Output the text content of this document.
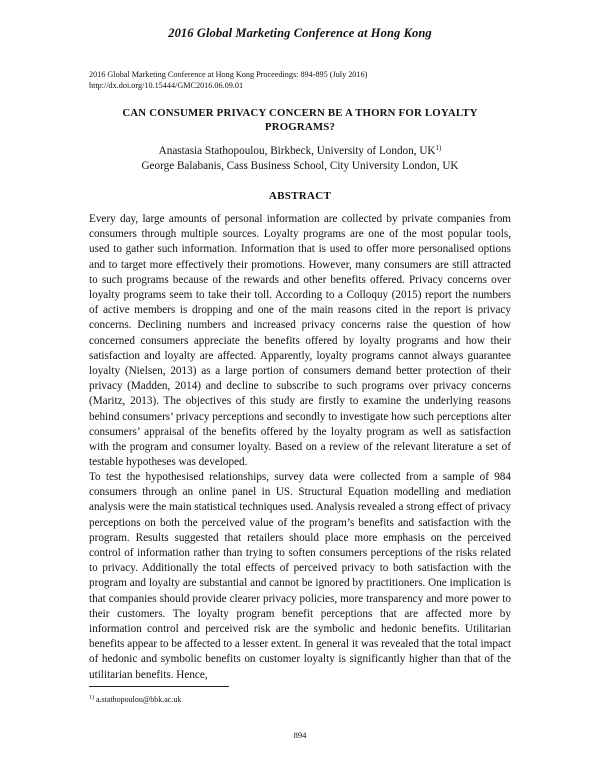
2016 Global Marketing Conference at Hong Kong
2016 Global Marketing Conference at Hong Kong Proceedings: 894-895 (July 2016)
http://dx.doi.org/10.15444/GMC2016.06.09.01
CAN CONSUMER PRIVACY CONCERN BE A THORN FOR LOYALTY PROGRAMS?
Anastasia Stathopoulou, Birkbeck, University of London, UK$^{1)}$
George Balabanis, Cass Business School, City University London, UK
ABSTRACT
Every day, large amounts of personal information are collected by private companies from consumers through multiple sources. Loyalty programs are one of the most popular tools, used to gather such information. Information that is used to offer more personalised options and to target more effectively their promotions. However, many consumers are still attracted to such programs because of the rewards and other benefits offered. Privacy concerns over loyalty programs seem to take their toll. According to a Colloquy (2015) report the numbers of active members is dropping and one of the main reasons cited in the report is privacy concerns. Declining numbers and increased privacy concerns raise the question of how concerned consumers appreciate the benefits offered by loyalty programs and how their satisfaction and loyalty are affected. Apparently, loyalty programs cannot always guarantee loyalty (Nielsen, 2013) as a large portion of consumers demand better protection of their privacy (Madden, 2014) and decline to subscribe to such programs over privacy concerns (Maritz, 2013). The objectives of this study are firstly to examine the underlying reasons behind consumers’ privacy perceptions and secondly to investigate how such perceptions alter consumers’ appraisal of the benefits offered by the loyalty program as well as satisfaction with the program and consumer loyalty. Based on a review of the relevant literature a set of testable hypotheses was developed.
To test the hypothesised relationships, survey data were collected from a sample of 984 consumers through an online panel in US. Structural Equation modelling and mediation analysis were the main statistical techniques used. Analysis revealed a strong effect of privacy perceptions on both the perceived value of the program’s benefits and satisfaction with the program. Results suggested that retailers should place more emphasis on the perceived control of information rather than trying to soften consumers perceptions of the risks related to privacy. Additionally the total effects of perceived privacy to both satisfaction with the program and loyalty are substantial and cannot be ignored by practitioners. One implication is that companies should provide clearer privacy policies, more transparency and more power to their customers. The loyalty program benefit perceptions that are affected more by information control and perceived risk are the symbolic and hedonic benefits. Utilitarian benefits appear to be affected to a lesser extent. In general it was revealed that the total impact of hedonic and symbolic benefits on customer loyalty is significantly higher than that of the utilitarian benefits. Hence,
$^{1)}$ a.stathopoulou@bbk.ac.uk
894
